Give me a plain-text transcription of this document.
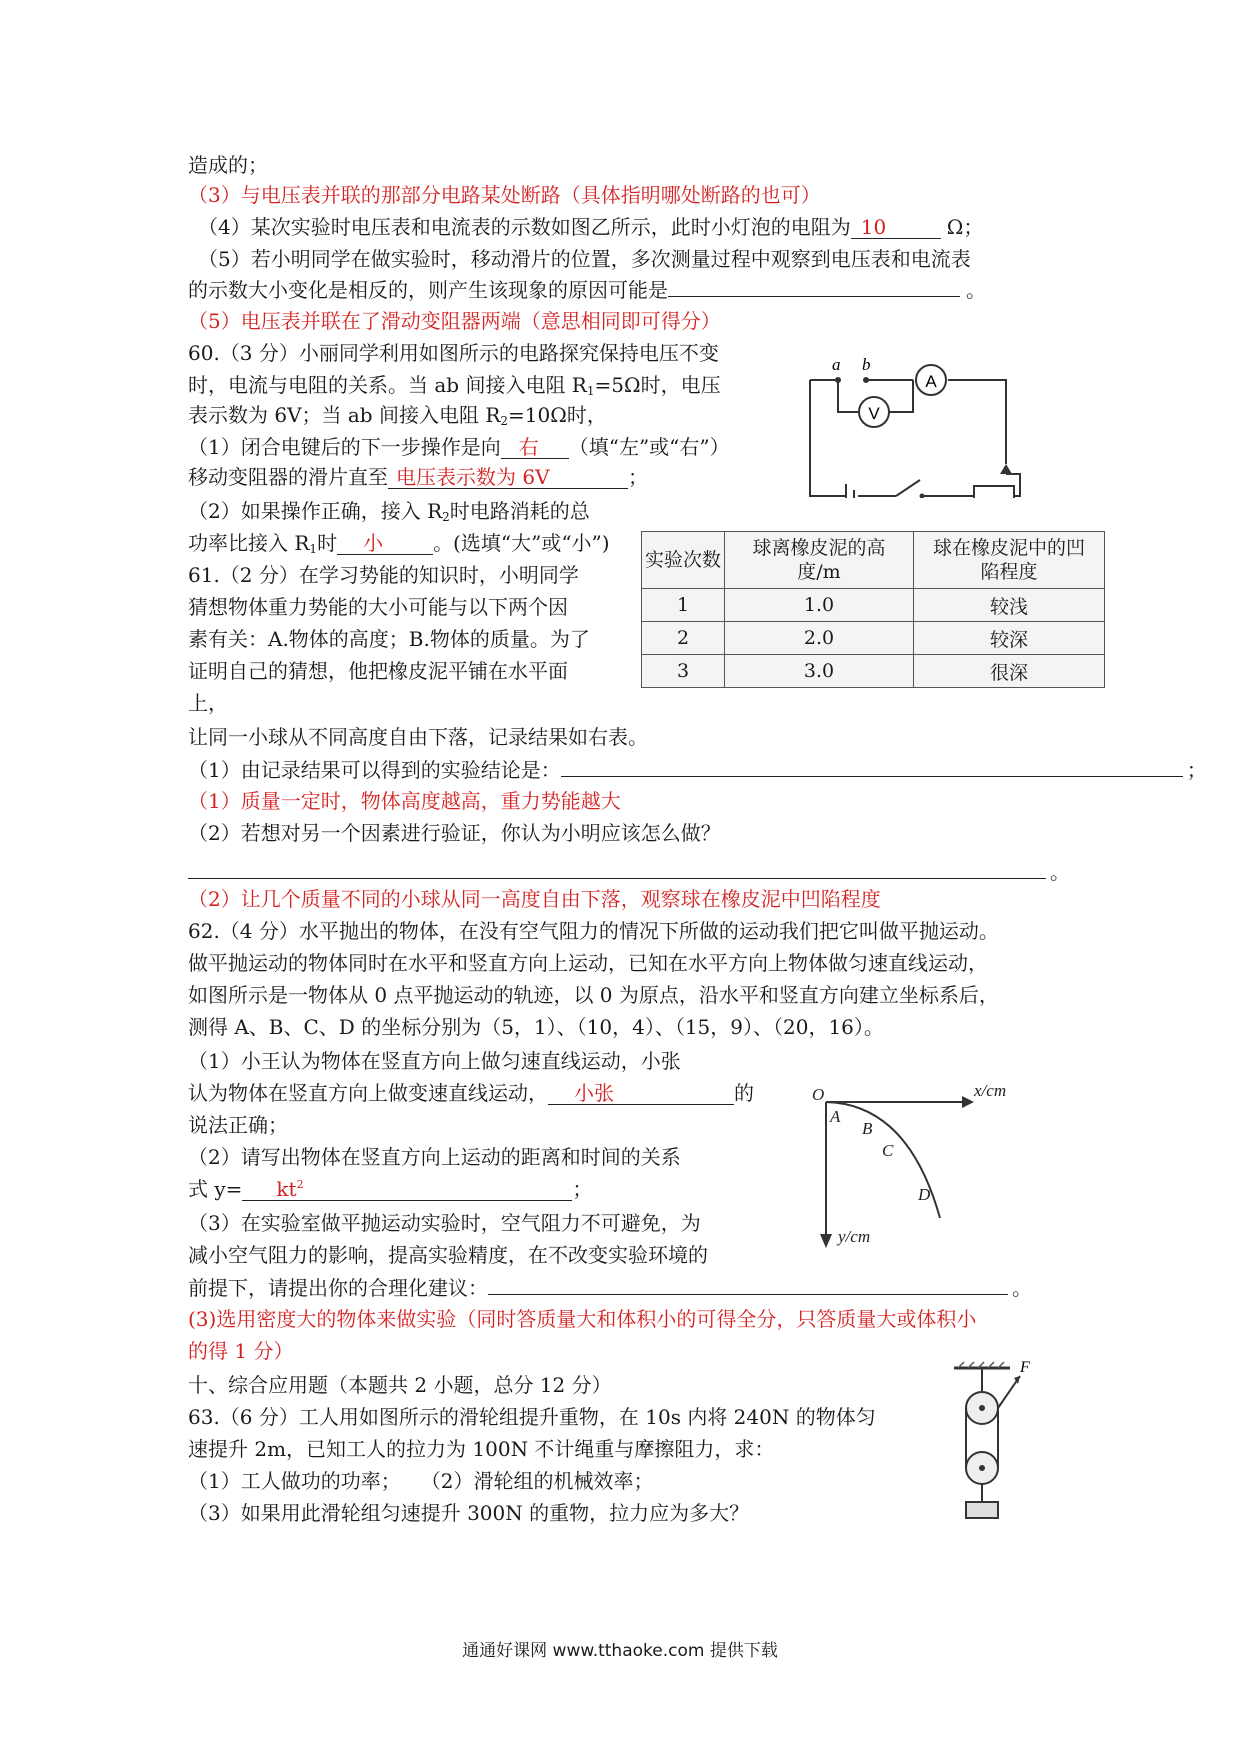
造成的；
（3）与电压表并联的那部分电路某处断路（具体指明哪处断路的也可）
（4）某次实验时电压表和电流表的示数如图乙所示，此时小灯泡的电阻为 10	Ω；
（5）若小明同学在做实验时，移动滑片的位置，多次测量过程中观察到电压表和电流表
的示数大小变化是相反的，则产生该现象的原因可能是	。
（5）电压表并联在了滑动变阻器两端（意思相同即可得分）
60.（3 分）小丽同学利用如图所示的电路探究保持电压不变
时，电流与电阻的关系。当 ab 间接入电阻 $R_1=5\Omega$时，电压
表示数为 6V；当 ab 间接入电阻 $R_2=10\Omega$时，
（1）闭合电键后的下一步操作是向 右 （填“左”或“右”）
移动变阻器的滑片直至 电压表示数为 6V	；
（2）如果操作正确，接入 $R_2$时电路消耗的总
功率比接入 $R_1$时 小	。(选填“大”或“小”)
61.（2 分）在学习势能的知识时，小明同学
猜想物体重力势能的大小可能与以下两个因
素有关：A.物体的高度；B.物体的质量。为了
证明自己的猜想，他把橡皮泥平铺在水平面
上，
让同一小球从不同高度自由下落，记录结果如右表。
（1）由记录结果可以得到的实验结论是：	；
（1）质量一定时，物体高度越高，重力势能越大
（2）若想对另一个因素进行验证，你认为小明应该怎么做？
。
（2）让几个质量不同的小球从同一高度自由下落，观察球在橡皮泥中凹陷程度
62.（4 分）水平抛出的物体，在没有空气阻力的情况下所做的运动我们把它叫做平抛运动。
做平抛运动的物体同时在水平和竖直方向上运动，已知在水平方向上物体做匀速直线运动，
如图所示是一物体从 0 点平抛运动的轨迹，以 0 为原点，沿水平和竖直方向建立坐标系后，
测得 A、B、C、D 的坐标分别为（5，1）、（10，4）、（15，9）、（20，16）。
（1）小王认为物体在竖直方向上做匀速直线运动，小张
认为物体在竖直方向上做变速直线运动， 小张	的
说法正确；
（2）请写出物体在竖直方向上运动的距离和时间的关系
式 $y= kt^2$	；
（3）在实验室做平抛运动实验时，空气阻力不可避免，为
减小空气阻力的影响，提高实验精度，在不改变实验环境的
前提下，请提出你的合理化建议：	。
(3)选用密度大的物体来做实验（同时答质量大和体积小的可得全分，只答质量大或体积小
的得 1 分）
十、综合应用题（本题共 2 小题，总分 12 分）
63.（6 分）工人用如图所示的滑轮组提升重物，在 10s 内将 240N 的物体匀
速提升 2m，已知工人的拉力为 100N 不计绳重与摩擦阻力，求：
（1）工人做功的功率； （2）滑轮组的机械效率；
（3）如果用此滑轮组匀速提升 300N 的重物，拉力应为多大？
A
V
a b
实验次数	球离橡皮泥的高度/m	球在橡皮泥中的凹陷程度
1	1.0	较浅
2	2.0	较深
3	3.0	很深
x/cm
y/cm
O
A
B
C
D
F
通通好课网 www.tthaoke.com 提供下载
